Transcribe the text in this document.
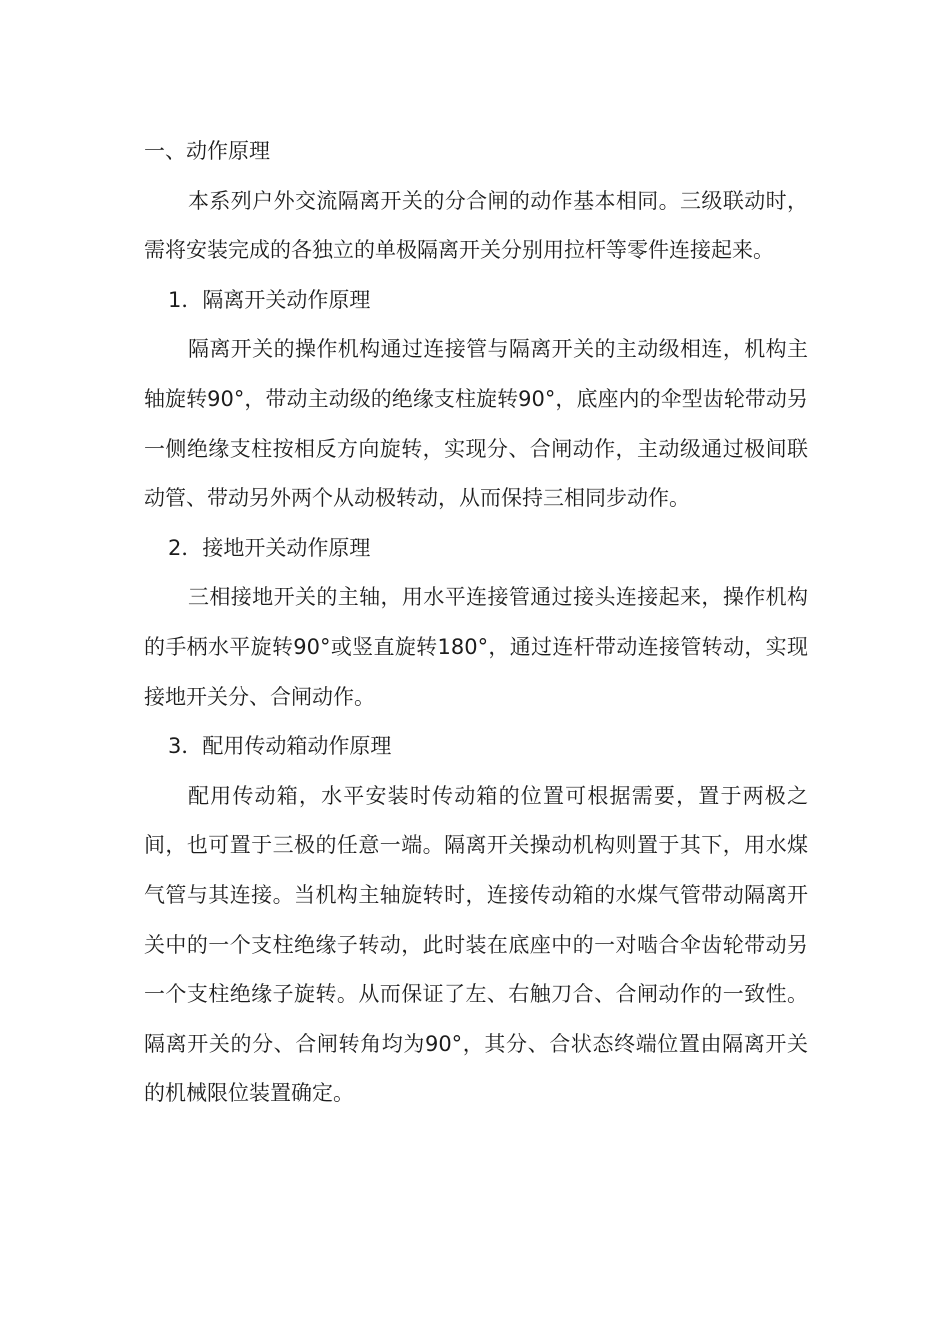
一、动作原理

本系列户外交流隔离开关的分合闸的动作基本相同。三级联动时，需将安装完成的各独立的单极隔离开关分别用拉杆等零件连接起来。

1．隔离开关动作原理

隔离开关的操作机构通过连接管与隔离开关的主动级相连，机构主轴旋转90°，带动主动级的绝缘支柱旋转90°，底座内的伞型齿轮带动另一侧绝缘支柱按相反方向旋转，实现分、合闸动作，主动级通过极间联动管、带动另外两个从动极转动，从而保持三相同步动作。

2．接地开关动作原理

三相接地开关的主轴，用水平连接管通过接头连接起来，操作机构的手柄水平旋转90°或竖直旋转180°，通过连杆带动连接管转动，实现接地开关分、合闸动作。

3．配用传动箱动作原理

配用传动箱，水平安装时传动箱的位置可根据需要，置于两极之间，也可置于三极的任意一端。隔离开关操动机构则置于其下，用水煤气管与其连接。当机构主轴旋转时，连接传动箱的水煤气管带动隔离开关中的一个支柱绝缘子转动，此时装在底座中的一对啮合伞齿轮带动另一个支柱绝缘子旋转。从而保证了左、右触刀合、合闸动作的一致性。隔离开关的分、合闸转角均为90°，其分、合状态终端位置由隔离开关的机械限位装置确定。
